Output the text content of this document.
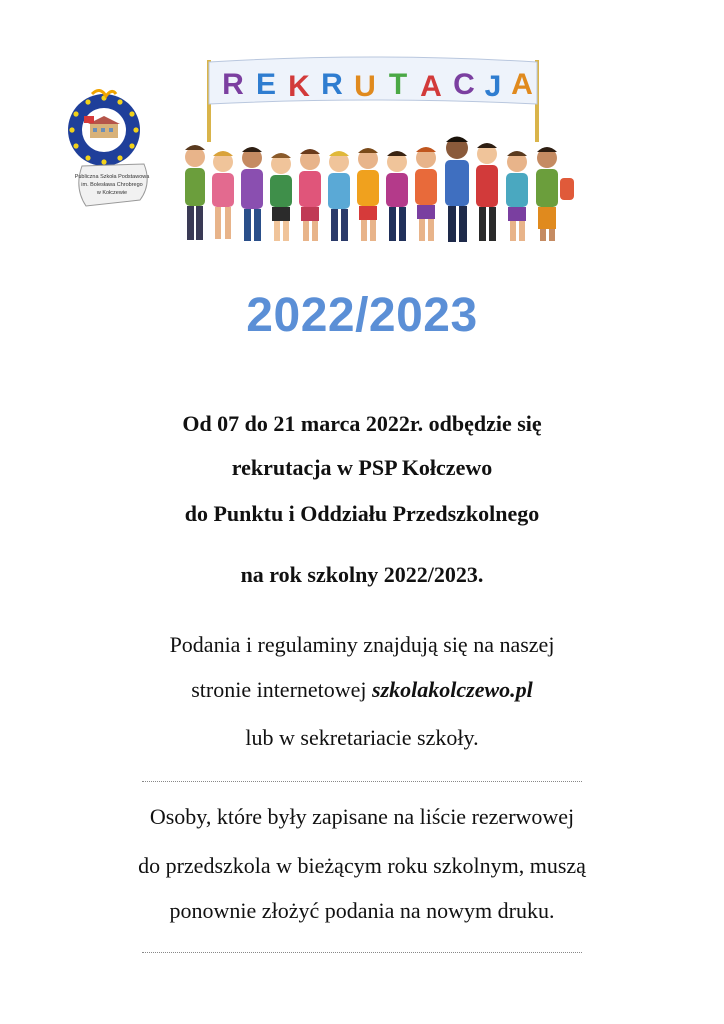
Publiczna Szkoła Podstawowa
im. Bolesława Chrobrego
w Kołczewie
R E K R U T A C J A
2022/2023
Od 07 do 21 marca 2022r. odbędzie się
rekrutacja w PSP Kołczewo
do Punktu i Oddziału Przedszkolnego
na rok szkolny 2022/2023.
Podania i regulaminy znajdują się na naszej
stronie internetowej szkolakolczewo.pl
lub w sekretariacie szkoły.
Osoby, które były zapisane na liście rezerwowej
do przedszkola w bieżącym roku szkolnym, muszą
ponownie złożyć podania na nowym druku.
